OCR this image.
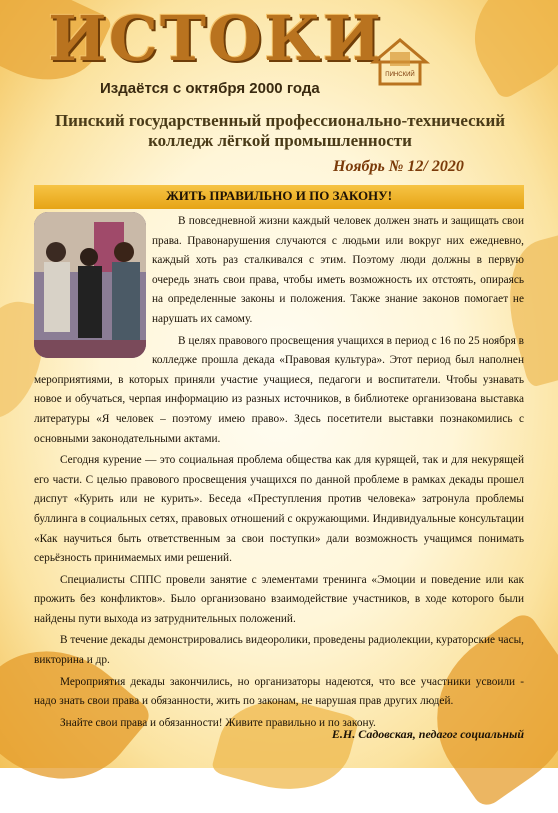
ИСТОКИ ПИНСКИЙ
Издаётся с октября 2000 года
Пинский государственный профессионально-технический колледж лёгкой промышленности
Ноябрь № 12/ 2020
ЖИТЬ ПРАВИЛЬНО И ПО ЗАКОНУ!

В повседневной жизни каждый человек должен знать и защищать свои права. Правонарушения случаются с людьми или вокруг них ежедневно, каждый хоть раз сталкивался с этим. Поэтому люди должны в первую очередь знать свои права, чтобы иметь возможность их отстоять, опираясь на определенные законы и положения. Также знание законов помогает не нарушать их самому.

В целях правового просвещения учащихся в период с 16 по 25 ноября в колледже прошла декада «Правовая культура». Этот период был наполнен мероприятиями, в которых приняли участие учащиеся, педагоги и воспитатели. Чтобы узнавать новое и обучаться, черпая информацию из разных источников, в библиотеке организована выставка литературы «Я человек – поэтому имею право». Здесь посетители выставки познакомились с основными законодательными актами.

Сегодня курение — это социальная проблема общества как для курящей, так и для некурящей его части. С целью правового просвещения учащихся по данной проблеме в рамках декады прошел диспут «Курить или не курить». Беседа «Преступления против человека» затронула проблемы буллинга в социальных сетях, правовых отношений с окружающими. Индивидуальные консультации «Как научиться быть ответственным за свои поступки» дали возможность учащимся понимать серьёзность принимаемых ими решений.

Специалисты СППС провели занятие с элементами тренинга «Эмоции и поведение или как прожить без конфликтов». Было организовано взаимодействие участников, в ходе которого были найдены пути выхода из затруднительных положений.

В течение декады демонстрировались видеоролики, проведены радиолекции, кураторские часы, викторина и др.

Мероприятия декады закончились, но организаторы надеются, что все участники усвоили - надо знать свои права и обязанности, жить по законам, не нарушая прав других людей.

Знайте свои права и обязанности! Живите правильно и по закону.

Е.Н. Садовская, педагог социальный
